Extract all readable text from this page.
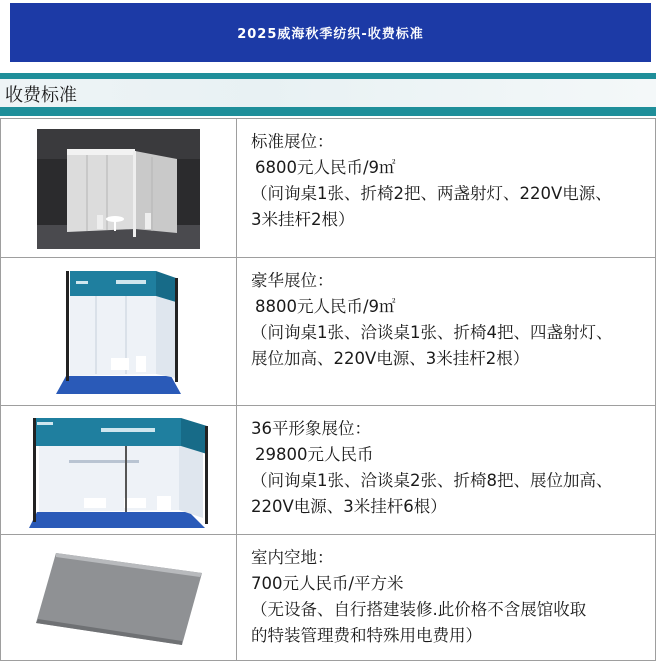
2025威海秋季纺织-收费标准
收费标准

标准展位：
6800元人民币/9㎡
（问询桌1张、折椅2把、两盏射灯、220V电源、
3米挂杆2根）

豪华展位：
8800元人民币/9㎡
（问询桌1张、洽谈桌1张、折椅4把、四盏射灯、
展位加高、220V电源、3米挂杆2根）

36平形象展位：
29800元人民币
（问询桌1张、洽谈桌2张、折椅8把、展位加高、
220V电源、3米挂杆6根）

室内空地：
700元人民币/平方米
（无设备、自行搭建装修.此价格不含展馆收取
的特装管理费和特殊用电费用）
